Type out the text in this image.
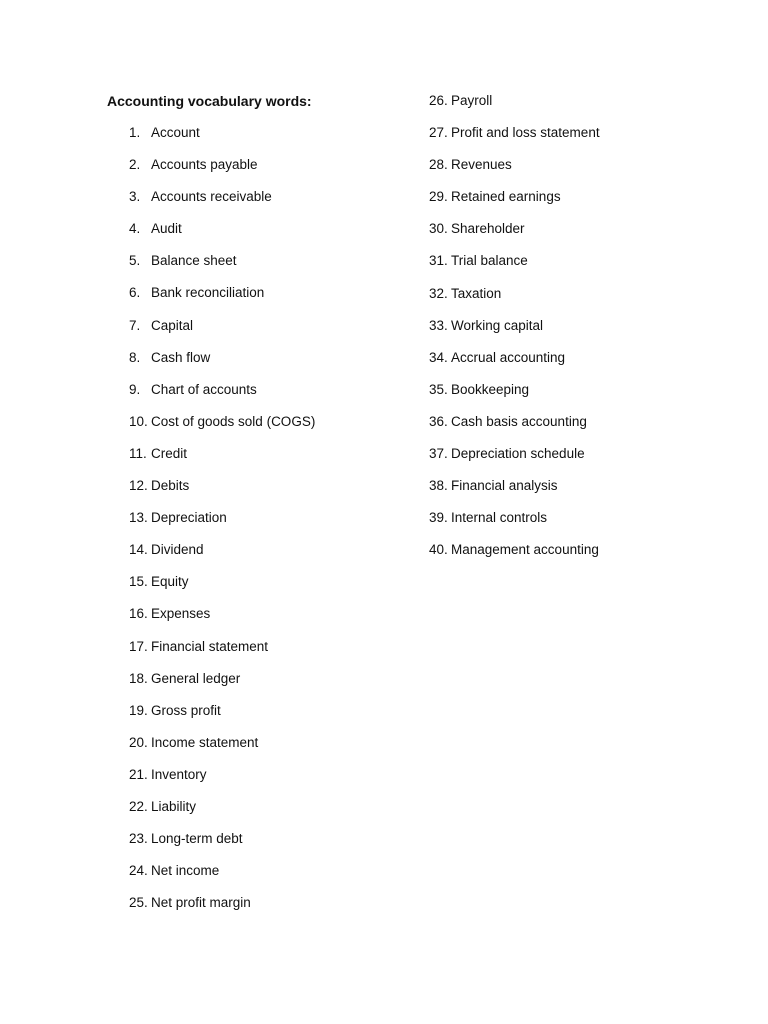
Accounting vocabulary words:
1. Account
2. Accounts payable
3. Accounts receivable
4. Audit
5. Balance sheet
6. Bank reconciliation
7. Capital
8. Cash flow
9. Chart of accounts
10. Cost of goods sold (COGS)
11. Credit
12. Debits
13. Depreciation
14. Dividend
15. Equity
16. Expenses
17. Financial statement
18. General ledger
19. Gross profit
20. Income statement
21. Inventory
22. Liability
23. Long-term debt
24. Net income
25. Net profit margin
26. Payroll
27. Profit and loss statement
28. Revenues
29. Retained earnings
30. Shareholder
31. Trial balance
32. Taxation
33. Working capital
34. Accrual accounting
35. Bookkeeping
36. Cash basis accounting
37. Depreciation schedule
38. Financial analysis
39. Internal controls
40. Management accounting
